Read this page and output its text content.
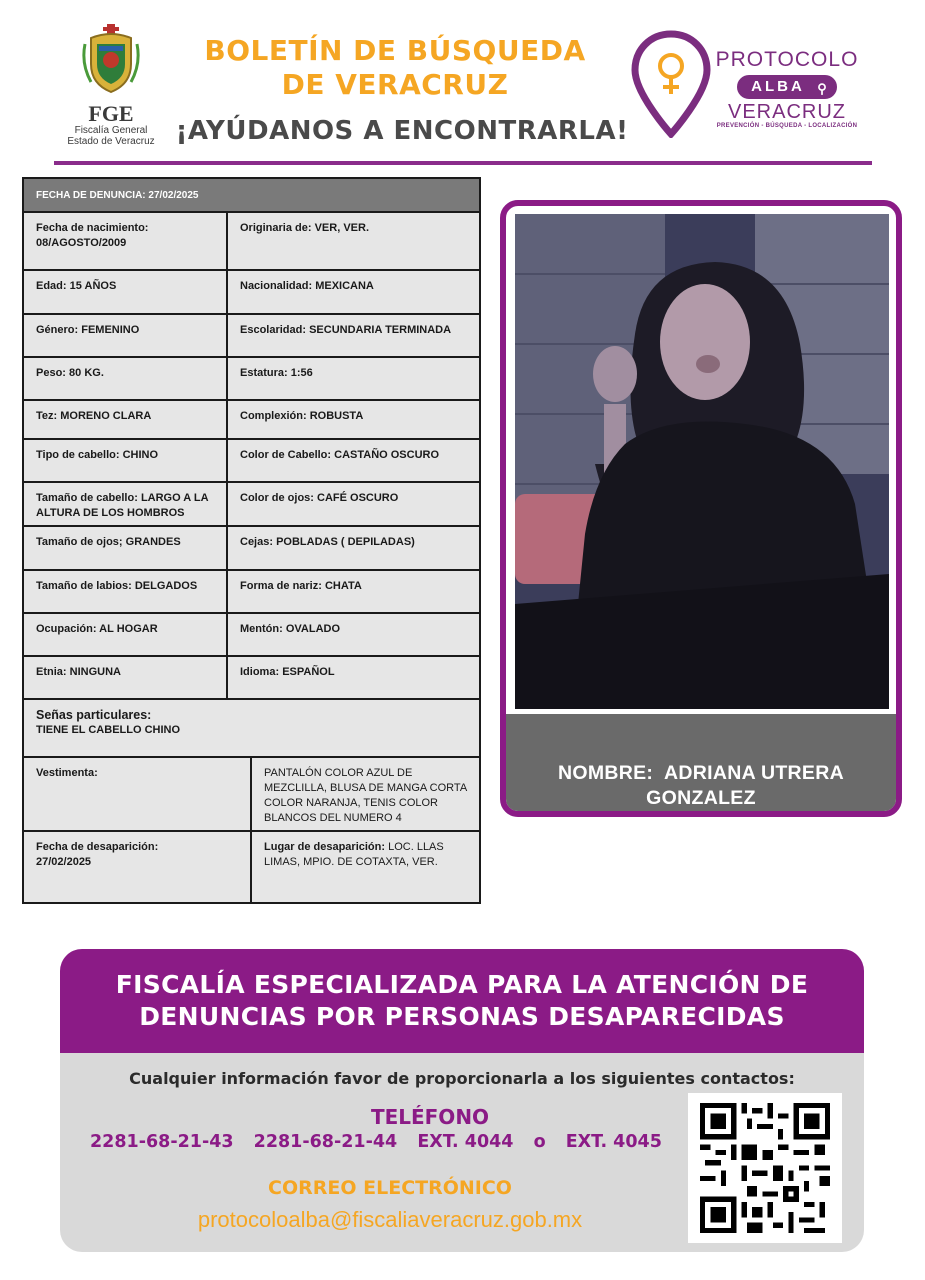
FGE
Fiscalía General
Estado de Veracruz
BOLETÍN DE BÚSQUEDA
DE VERACRUZ
¡AYÚDANOS A ENCONTRARLA!
PROTOCOLO
ALBA ⚲
VERACRUZ
PREVENCIÓN - BÚSQUEDA - LOCALIZACIÓN
FECHA DE DENUNCIA:
27/02/2025
Fecha de nacimiento:
08/AGOSTO/2009
Originaria de: VER, VER.
Edad: 15 AÑOS	Nacionalidad: MEXICANA
Género: FEMENINO	Escolaridad: SECUNDARIA TERMINADA
Peso: 80 KG.	Estatura: 1:56
Tez: MORENO CLARA	Complexión: ROBUSTA
Tipo de cabello: CHINO	Color de Cabello: CASTAÑO OSCURO
Tamaño de cabello: LARGO A LA ALTURA DE LOS HOMBROS
Color de ojos: CAFÉ OSCURO
Tamaño de ojos; GRANDES	Cejas: POBLADAS ( DEPILADAS)
Tamaño de labios: DELGADOS	Forma de nariz: CHATA
Ocupación: AL HOGAR	Mentón: OVALADO
Etnia: NINGUNA	Idioma: ESPAÑOL
Señas particulares:
TIENE EL CABELLO CHINO
Vestimenta:	PANTALÓN COLOR AZUL DE MEZCLILLA, BLUSA DE MANGA CORTA COLOR NARANJA, TENIS COLOR BLANCOS DEL NUMERO 4
Fecha de desaparición:
27/02/2025
Lugar de desaparición: LOC. LLAS LIMAS, MPIO. DE COTAXTA, VER.
NOMBRE: ADRIANA UTRERA GONZALEZ
FISCALÍA ESPECIALIZADA PARA LA ATENCIÓN DE
DENUNCIAS POR PERSONAS DESAPARECIDAS
Cualquier información favor de proporcionarla a los siguientes contactos:
TELÉFONO
2281-68-21-43 2281-68-21-44 EXT. 4044 o EXT. 4045
CORREO ELECTRÓNICO
protocoloalba@fiscaliaveracruz.gob.mx
